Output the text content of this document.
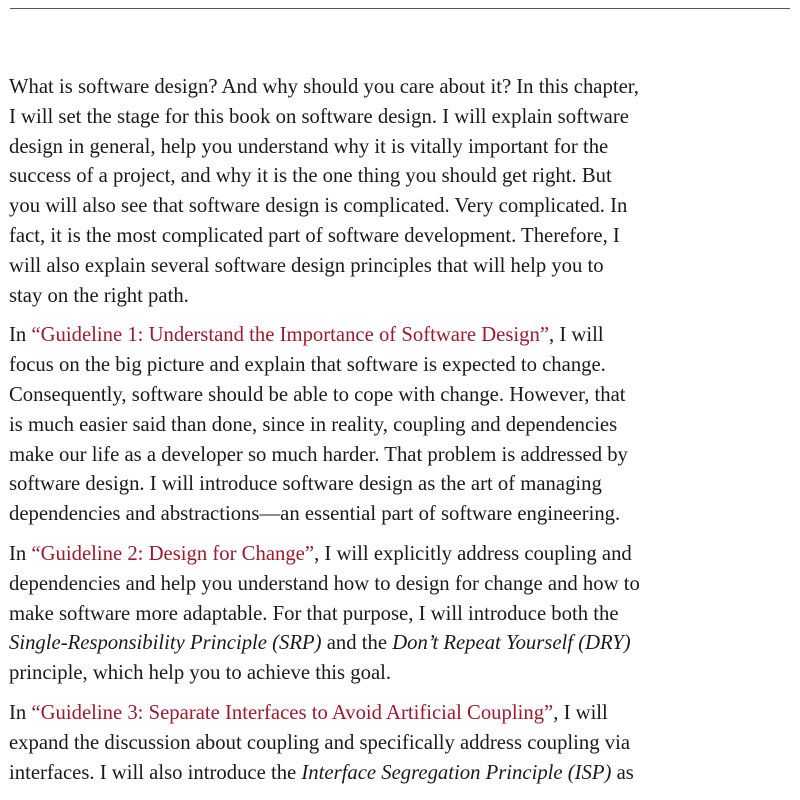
What is software design? And why should you care about it? In this chapter,
I will set the stage for this book on software design. I will explain software
design in general, help you understand why it is vitally important for the
success of a project, and why it is the one thing you should get right. But
you will also see that software design is complicated. Very complicated. In
fact, it is the most complicated part of software development. Therefore, I
will also explain several software design principles that will help you to
stay on the right path.

In “Guideline 1: Understand the Importance of Software Design”, I will
focus on the big picture and explain that software is expected to change.
Consequently, software should be able to cope with change. However, that
is much easier said than done, since in reality, coupling and dependencies
make our life as a developer so much harder. That problem is addressed by
software design. I will introduce software design as the art of managing
dependencies and abstractions—an essential part of software engineering.

In “Guideline 2: Design for Change”, I will explicitly address coupling and
dependencies and help you understand how to design for change and how to
make software more adaptable. For that purpose, I will introduce both the
Single-Responsibility Principle (SRP) and the Don’t Repeat Yourself (DRY)
principle, which help you to achieve this goal.

In “Guideline 3: Separate Interfaces to Avoid Artificial Coupling”, I will
expand the discussion about coupling and specifically address coupling via
interfaces. I will also introduce the Interface Segregation Principle (ISP) as
